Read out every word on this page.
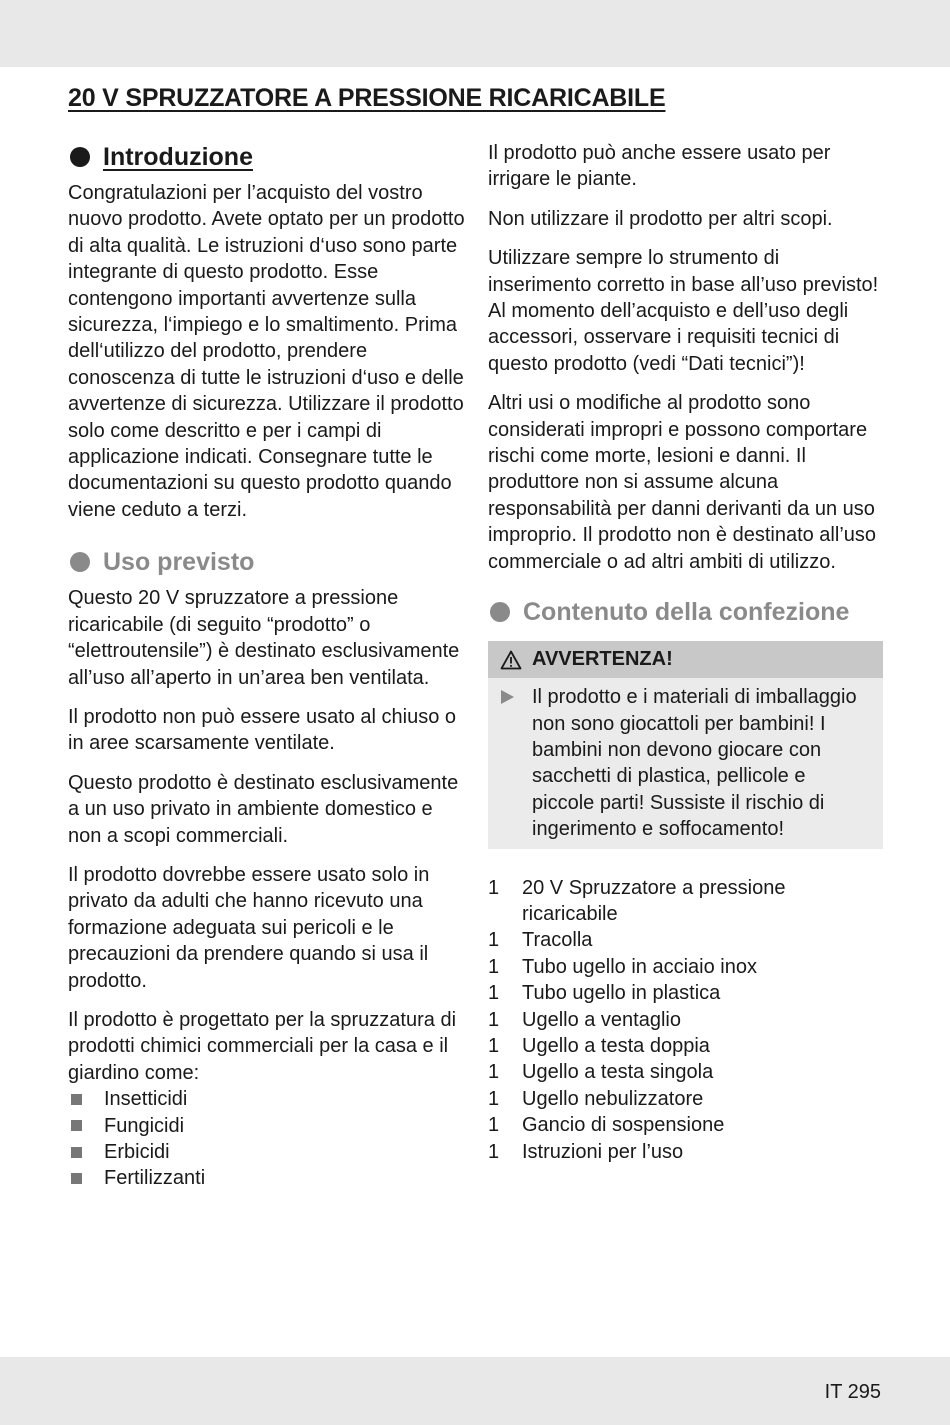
20 V SPRUZZATORE A PRESSIONE RICARICABILE
Introduzione

Congratulazioni per l’acquisto del vostro nuovo prodotto. Avete optato per un prodotto di alta qualità. Le istruzioni d‘uso sono parte integrante di questo prodotto. Esse contengono importanti avvertenze sulla sicurezza, l‘impiego e lo smaltimento. Prima dell‘utilizzo del prodotto, prendere conoscenza di tutte le istruzioni d‘uso e delle avvertenze di sicurezza. Utilizzare il prodotto solo come descritto e per i campi di applicazione indicati. Consegnare tutte le documentazioni su questo prodotto quando viene ceduto a terzi.

Uso previsto

Questo 20 V spruzzatore a pressione ricaricabile (di seguito “prodotto” o “elettroutensile”) è destinato esclusivamente all’uso all’aperto in un’area ben ventilata.

Il prodotto non può essere usato al chiuso o in aree scarsamente ventilate.

Questo prodotto è destinato esclusivamente a un uso privato in ambiente domestico e non a scopi commerciali.

Il prodotto dovrebbe essere usato solo in privato da adulti che hanno ricevuto una formazione adeguata sui pericoli e le precauzioni da prendere quando si usa il prodotto.

Il prodotto è progettato per la spruzzatura di prodotti chimici commerciali per la casa e il giardino come:

Insetticidi
Fungicidi
Erbicidi
Fertilizzanti

Il prodotto può anche essere usato per irrigare le piante.

Non utilizzare il prodotto per altri scopi.

Utilizzare sempre lo strumento di inserimento corretto in base all’uso previsto! Al momento dell’acquisto e dell’uso degli accessori, osservare i requisiti tecnici di questo prodotto (vedi “Dati tecnici”)!

Altri usi o modifiche al prodotto sono considerati impropri e possono comportare rischi come morte, lesioni e danni. Il produttore non si assume alcuna responsabilità per danni derivanti da un uso improprio. Il prodotto non è destinato all’uso commerciale o ad altri ambiti di utilizzo.

Contenuto della confezione
AVVERTENZA!
Il prodotto e i materiali di imballaggio non sono giocattoli per bambini! I bambini non devono giocare con sacchetti di plastica, pellicole e piccole parti! Sussiste il rischio di ingerimento e soffocamento!
1	20 V Spruzzatore a pressione ricaricabile
1	Tracolla
1	Tubo ugello in acciaio inox
1	Tubo ugello in plastica
1	Ugello a ventaglio
1	Ugello a testa doppia
1	Ugello a testa singola
1	Ugello nebulizzatore
1	Gancio di sospensione
1	Istruzioni per l’uso
IT 295
